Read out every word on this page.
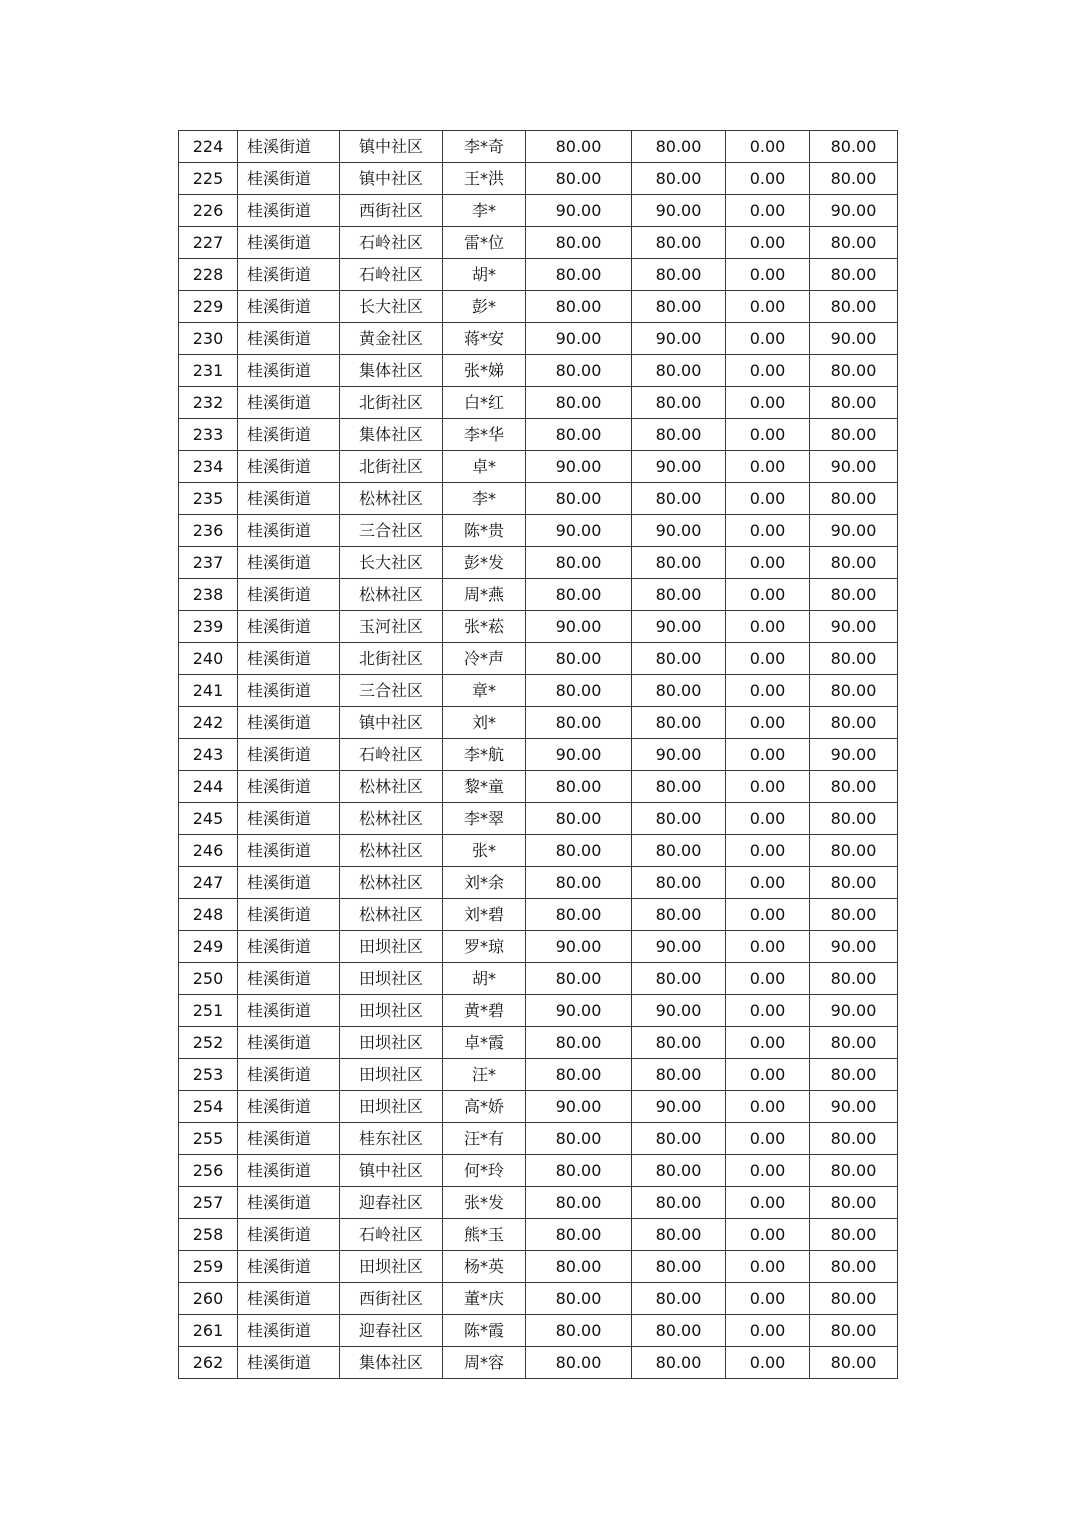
224	桂溪街道	镇中社区	李*奇	80.00	80.00	0.00	80.00
225	桂溪街道	镇中社区	王*洪	80.00	80.00	0.00	80.00
226	桂溪街道	西街社区	李*	90.00	90.00	0.00	90.00
227	桂溪街道	石岭社区	雷*位	80.00	80.00	0.00	80.00
228	桂溪街道	石岭社区	胡*	80.00	80.00	0.00	80.00
229	桂溪街道	长大社区	彭*	80.00	80.00	0.00	80.00
230	桂溪街道	黄金社区	蒋*安	90.00	90.00	0.00	90.00
231	桂溪街道	集体社区	张*娣	80.00	80.00	0.00	80.00
232	桂溪街道	北街社区	白*红	80.00	80.00	0.00	80.00
233	桂溪街道	集体社区	李*华	80.00	80.00	0.00	80.00
234	桂溪街道	北街社区	卓*	90.00	90.00	0.00	90.00
235	桂溪街道	松林社区	李*	80.00	80.00	0.00	80.00
236	桂溪街道	三合社区	陈*贵	90.00	90.00	0.00	90.00
237	桂溪街道	长大社区	彭*发	80.00	80.00	0.00	80.00
238	桂溪街道	松林社区	周*燕	80.00	80.00	0.00	80.00
239	桂溪街道	玉河社区	张*菘	90.00	90.00	0.00	90.00
240	桂溪街道	北街社区	冷*声	80.00	80.00	0.00	80.00
241	桂溪街道	三合社区	章*	80.00	80.00	0.00	80.00
242	桂溪街道	镇中社区	刘*	80.00	80.00	0.00	80.00
243	桂溪街道	石岭社区	李*航	90.00	90.00	0.00	90.00
244	桂溪街道	松林社区	黎*童	80.00	80.00	0.00	80.00
245	桂溪街道	松林社区	李*翠	80.00	80.00	0.00	80.00
246	桂溪街道	松林社区	张*	80.00	80.00	0.00	80.00
247	桂溪街道	松林社区	刘*余	80.00	80.00	0.00	80.00
248	桂溪街道	松林社区	刘*碧	80.00	80.00	0.00	80.00
249	桂溪街道	田坝社区	罗*琼	90.00	90.00	0.00	90.00
250	桂溪街道	田坝社区	胡*	80.00	80.00	0.00	80.00
251	桂溪街道	田坝社区	黄*碧	90.00	90.00	0.00	90.00
252	桂溪街道	田坝社区	卓*霞	80.00	80.00	0.00	80.00
253	桂溪街道	田坝社区	汪*	80.00	80.00	0.00	80.00
254	桂溪街道	田坝社区	高*娇	90.00	90.00	0.00	90.00
255	桂溪街道	桂东社区	汪*有	80.00	80.00	0.00	80.00
256	桂溪街道	镇中社区	何*玲	80.00	80.00	0.00	80.00
257	桂溪街道	迎春社区	张*发	80.00	80.00	0.00	80.00
258	桂溪街道	石岭社区	熊*玉	80.00	80.00	0.00	80.00
259	桂溪街道	田坝社区	杨*英	80.00	80.00	0.00	80.00
260	桂溪街道	西街社区	董*庆	80.00	80.00	0.00	80.00
261	桂溪街道	迎春社区	陈*霞	80.00	80.00	0.00	80.00
262	桂溪街道	集体社区	周*容	80.00	80.00	0.00	80.00
